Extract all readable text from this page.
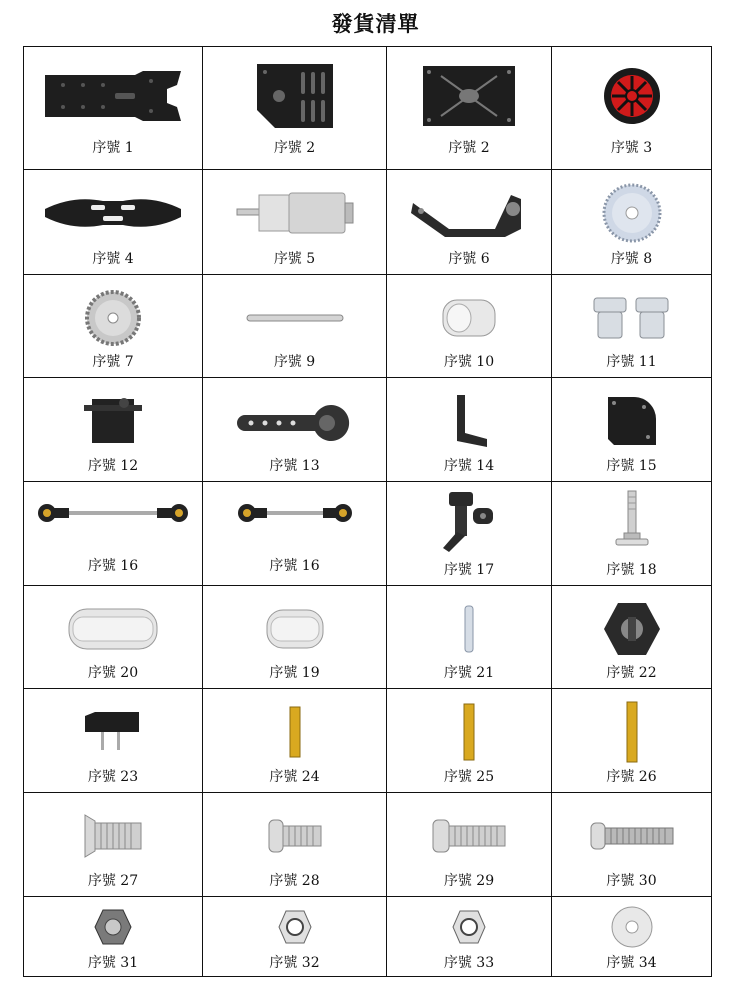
發貨清單
序號 1	序號 2	序號 2	序號 3

序號 4	序號 5	序號 6	序號 8

序號 7	序號 9	序號 10	序號 11

序號 12	序號 13	序號 14	序號 15

序號 16	序號 16	序號 17	序號 18

序號 20	序號 19	序號 21	序號 22

序號 23	序號 24	序號 25	序號 26

序號 27	序號 28	序號 29	序號 30

序號 31	序號 32	序號 33	序號 34
